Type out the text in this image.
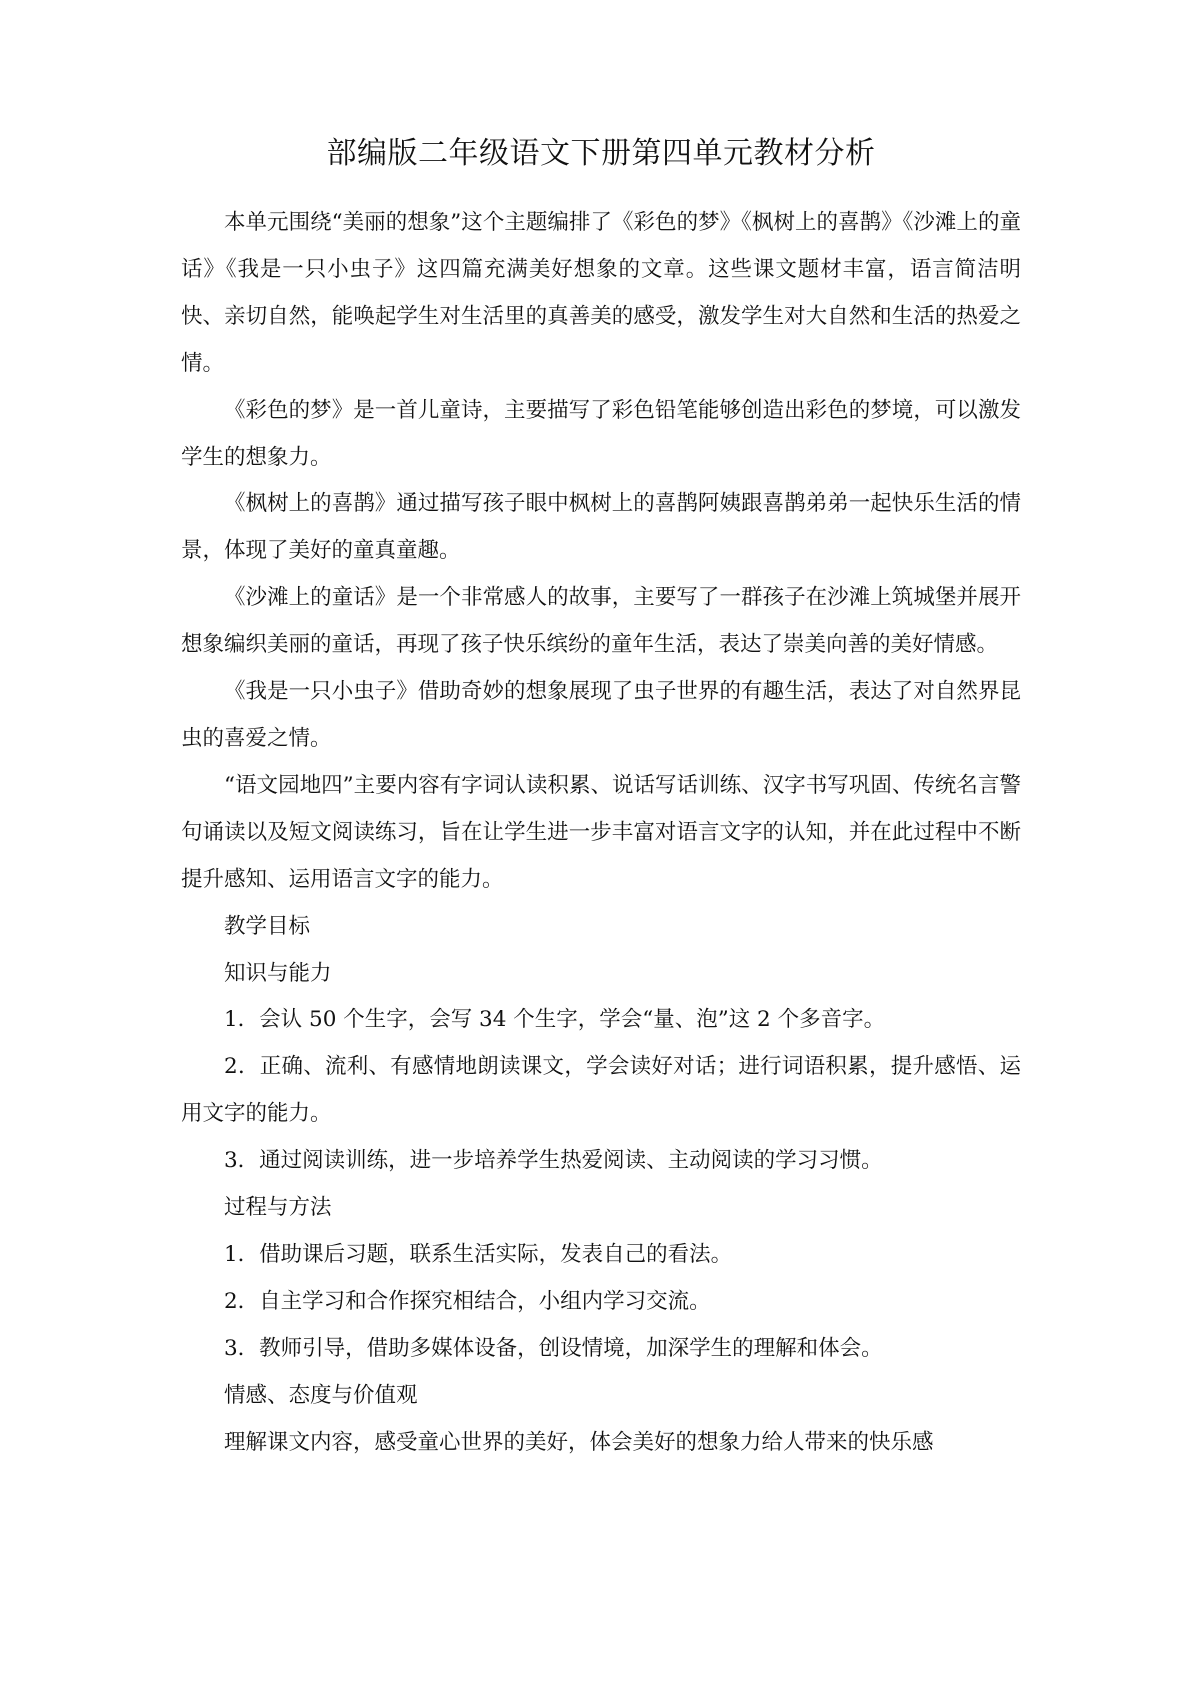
部编版二年级语文下册第四单元教材分析

本单元围绕“美丽的想象”这个主题编排了《彩色的梦》《枫树上的喜鹊》《沙滩上的童话》《我是一只小虫子》这四篇充满美好想象的文章。这些课文题材丰富，语言简洁明快、亲切自然，能唤起学生对生活里的真善美的感受，激发学生对大自然和生活的热爱之情。

《彩色的梦》是一首儿童诗，主要描写了彩色铅笔能够创造出彩色的梦境，可以激发学生的想象力。

《枫树上的喜鹊》通过描写孩子眼中枫树上的喜鹊阿姨跟喜鹊弟弟一起快乐生活的情景，体现了美好的童真童趣。

《沙滩上的童话》是一个非常感人的故事，主要写了一群孩子在沙滩上筑城堡并展开想象编织美丽的童话，再现了孩子快乐缤纷的童年生活，表达了崇美向善的美好情感。

《我是一只小虫子》借助奇妙的想象展现了虫子世界的有趣生活，表达了对自然界昆虫的喜爱之情。

“语文园地四”主要内容有字词认读积累、说话写话训练、汉字书写巩固、传统名言警句诵读以及短文阅读练习，旨在让学生进一步丰富对语言文字的认知，并在此过程中不断提升感知、运用语言文字的能力。

教学目标

知识与能力

1．会认 50 个生字，会写 34 个生字，学会“量、泡”这 2 个多音字。

2．正确、流利、有感情地朗读课文，学会读好对话；进行词语积累，提升感悟、运用文字的能力。

3．通过阅读训练，进一步培养学生热爱阅读、主动阅读的学习习惯。

过程与方法

1．借助课后习题，联系生活实际，发表自己的看法。

2．自主学习和合作探究相结合，小组内学习交流。

3．教师引导，借助多媒体设备，创设情境，加深学生的理解和体会。

情感、态度与价值观

理解课文内容，感受童心世界的美好，体会美好的想象力给人带来的快乐感
